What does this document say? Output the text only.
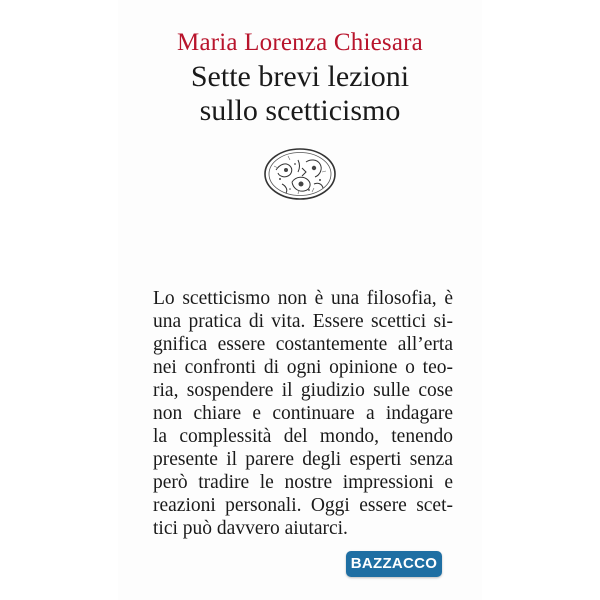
Maria Lorenza Chiesara
Sette brevi lezioni
sullo scetticismo
Lo scetticismo non è una filosofia, è
una pratica di vita. Essere scettici si-
gnifica essere costantemente all’erta
nei confronti di ogni opinione o teo-
ria, sospendere il giudizio sulle cose
non chiare e continuare a indagare
la complessità del mondo, tenendo
presente il parere degli esperti senza
però tradire le nostre impressioni e
reazioni personali. Oggi essere scet-
tici può davvero aiutarci.
BAZZACCO
